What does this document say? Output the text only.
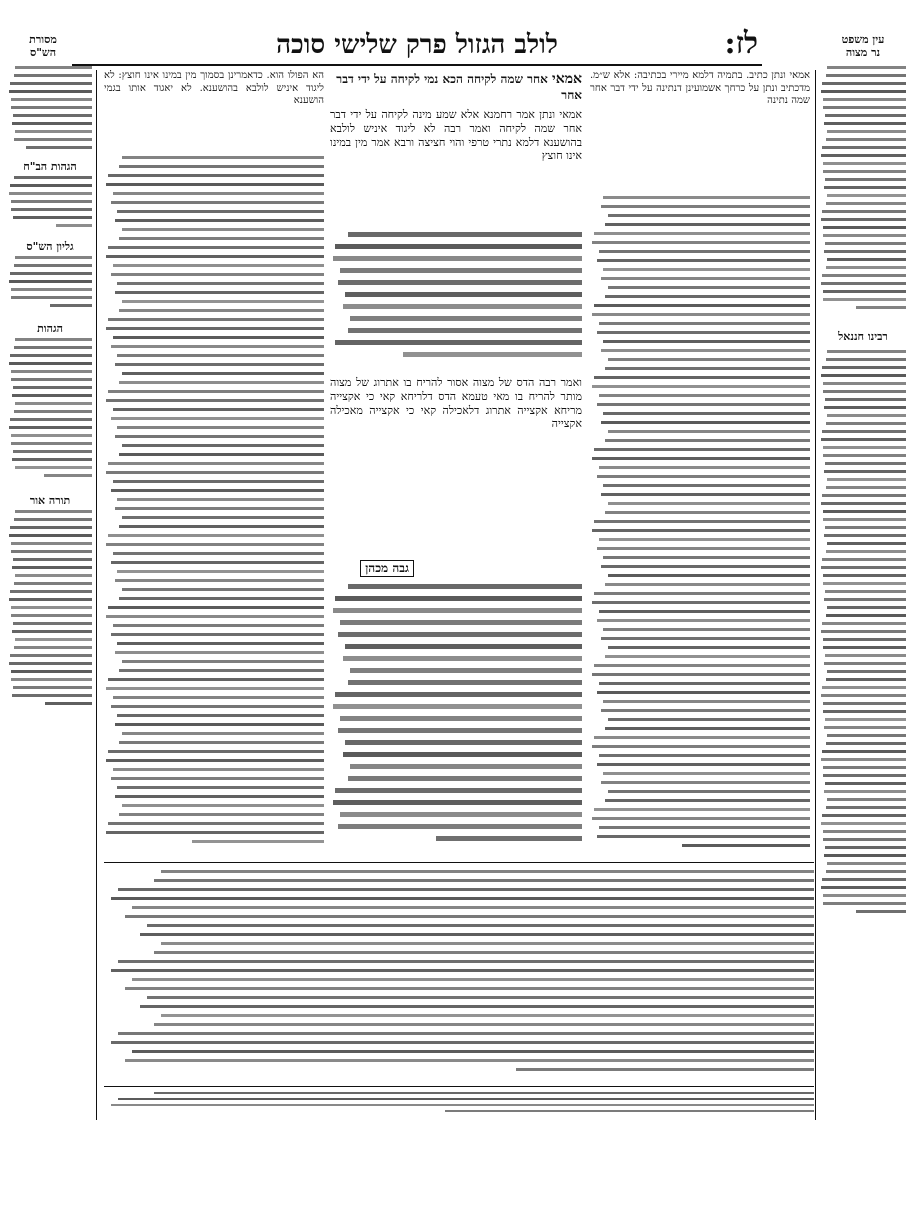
לז:
לולב הגזול פרק שלישי סוכה	עין משפט
נר מצוה
מסורת
הש"ס
רבינו חננאל
הגהות הב"ח
גליון הש"ס
הגהות
תורה אור
אמאי אחר שמה לקיחה הכא נמי לקיחה על ידי דבר אחר
אמאי ונתן אמר רחמנא אלא שמע מינה לקיחה על ידי דבר אחר שמה לקיחה ואמר רבה לא ליגוד איניש לולבא בהושענא דלמא נתרי טרפי והוי חציצה ורבא אמר מין במינו אינו חוצץ
ואמר רבה הדס של מצוה אסור להריח בו אתרוג של מצוה מותר להריח בו מאי טעמא הדס דלריחא קאי כי אקצייה מריחא אקצייה אתרוג דלאכילה קאי כי אקצייה מאכילה אקצייה
גבה מכהן
אמאי ונתן כתיב. בתמיה דלמא מיירי בכתיבה: אלא ש״מ. מדכתיב ונתן על כרחך אשמועינן דנתינה על ידי דבר אחר שמה נתינה
הא הפולו הוא. כדאמרינן בסמוך מין במינו אינו חוצץ: לא ליגוד איניש לולבא בהושענא. לא יאגוד אותו בגמי הושענא
